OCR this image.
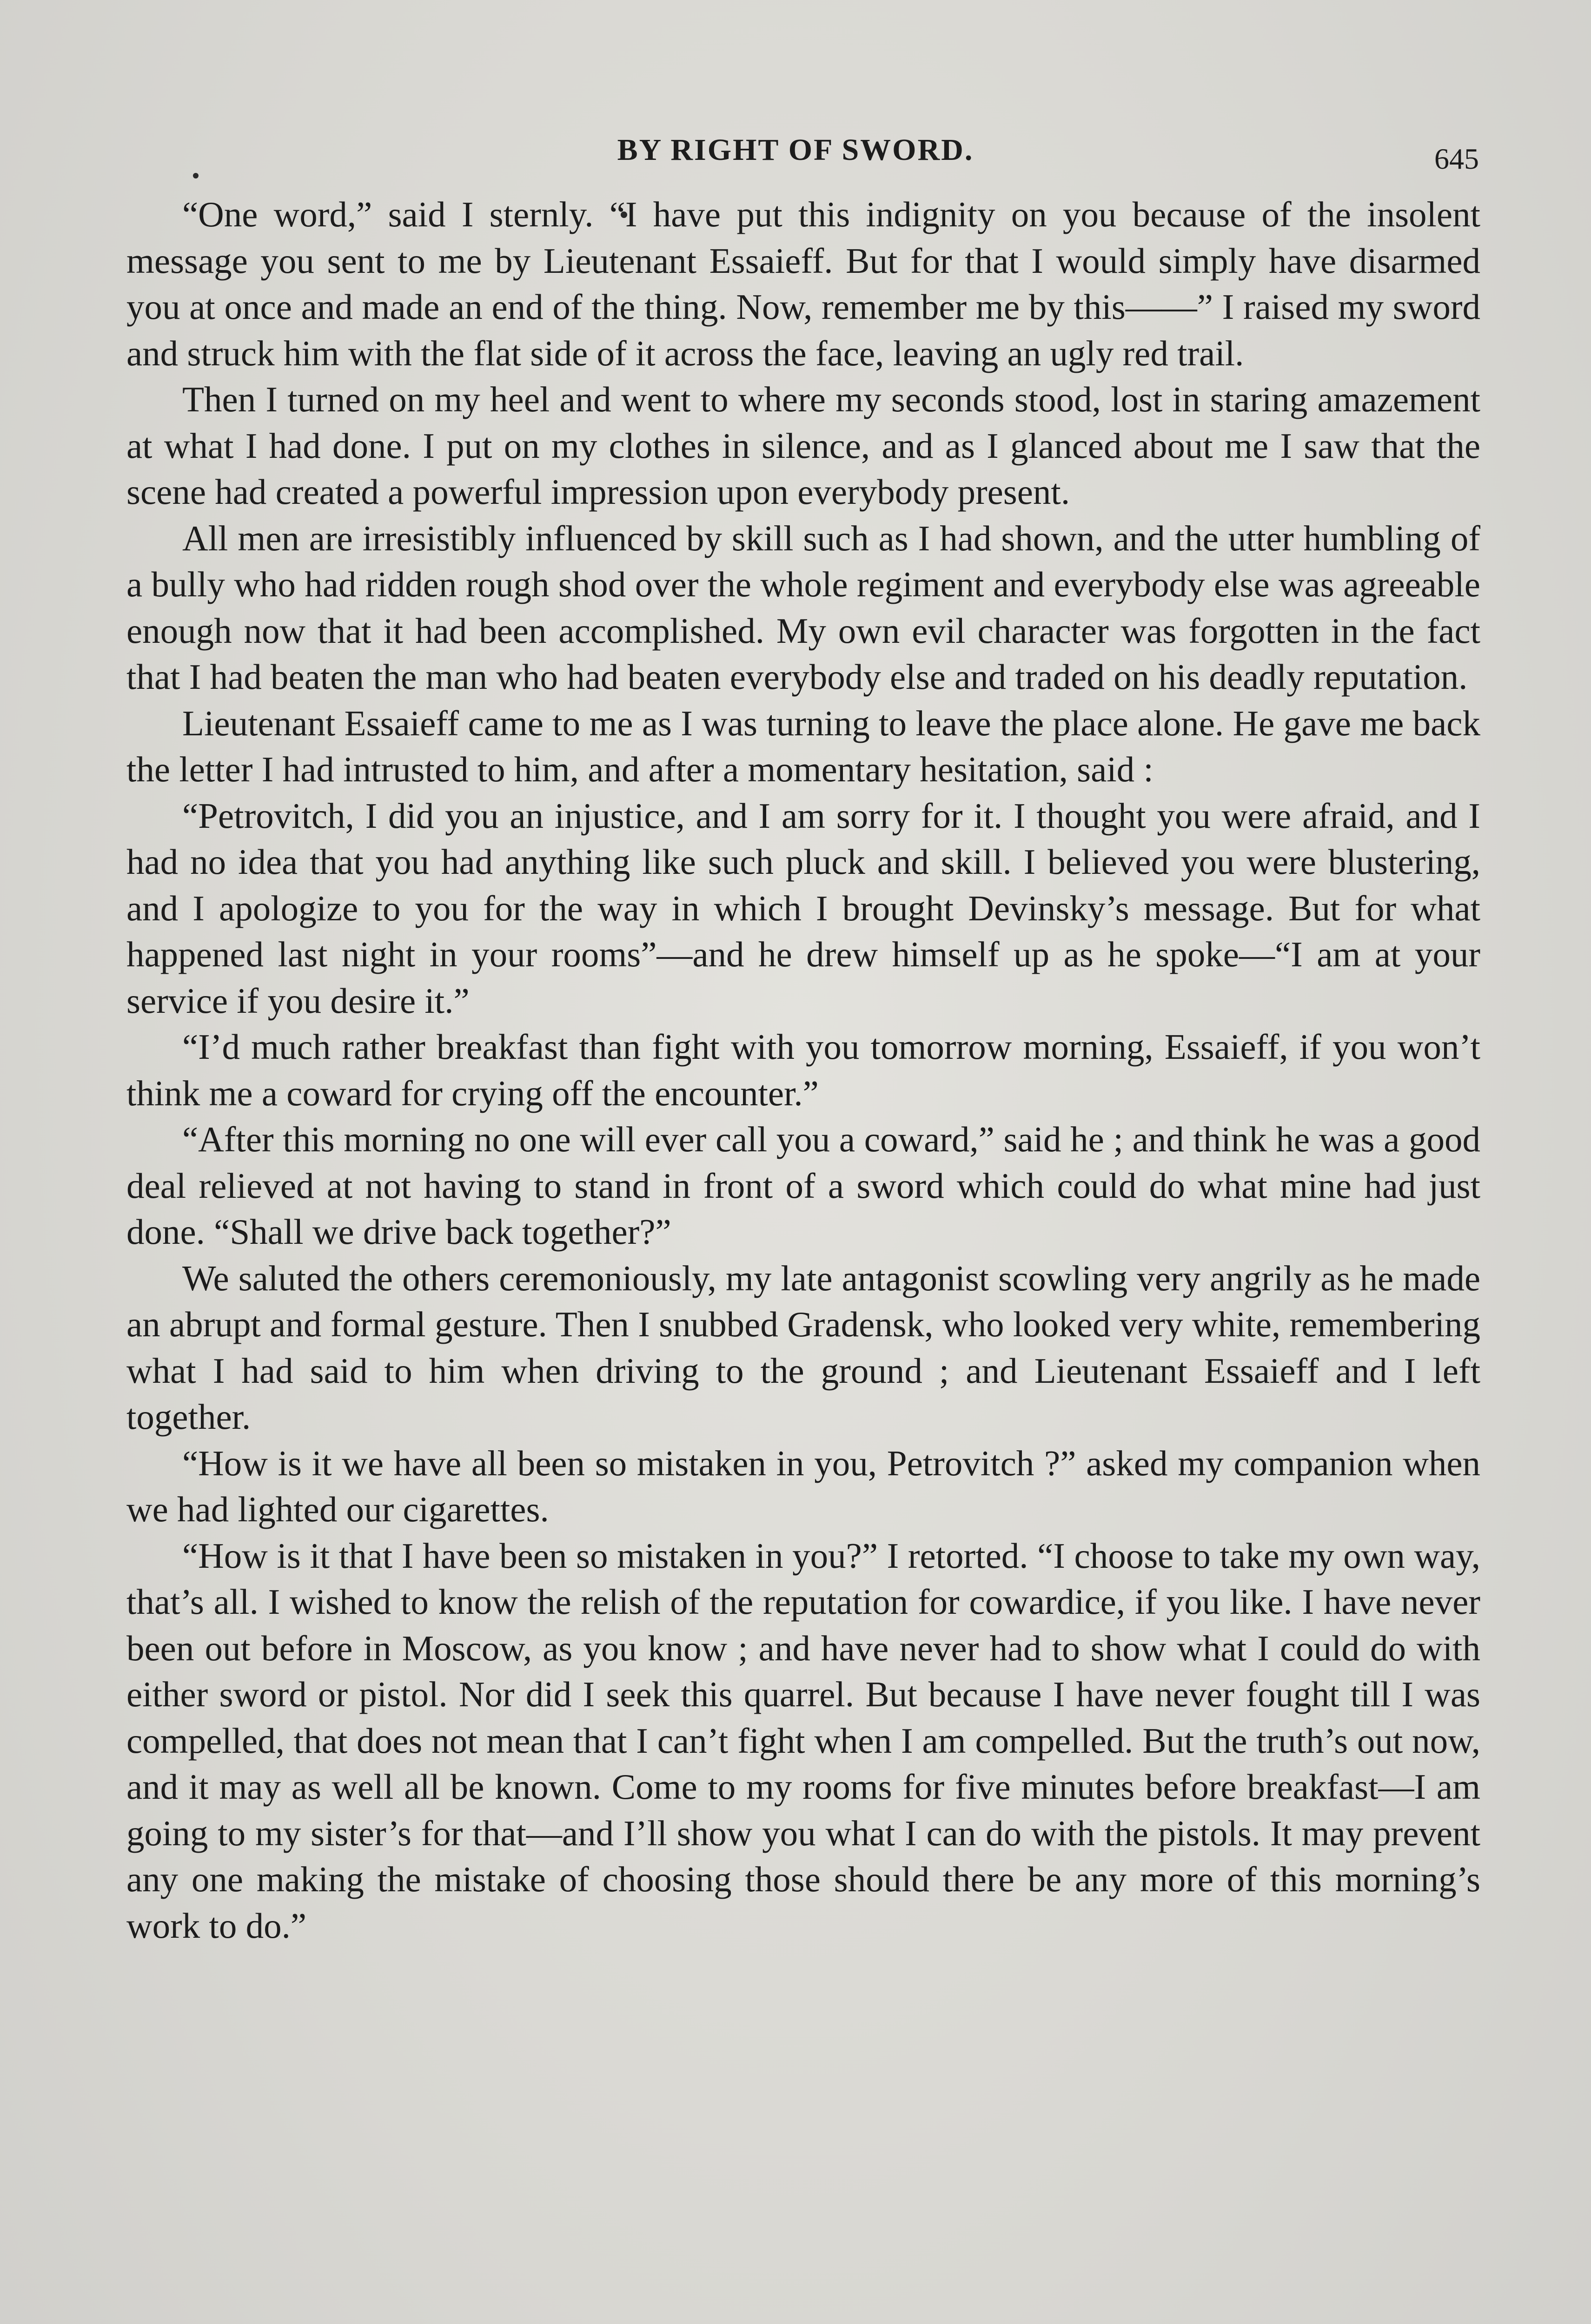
BY RIGHT OF SWORD.	645

“One word,” said I sternly. “I have put this indignity on you because of the insolent message you sent to me by Lieutenant Essaieff. But for that I would simply have disarmed you at once and made an end of the thing. Now, remember me by this——” I raised my sword and struck him with the flat side of it across the face, leaving an ugly red trail.

Then I turned on my heel and went to where my seconds stood, lost in staring amazement at what I had done. I put on my clothes in silence, and as I glanced about me I saw that the scene had created a powerful impression upon everybody present.

All men are irresistibly influenced by skill such as I had shown, and the utter humbling of a bully who had ridden rough shod over the whole regiment and everybody else was agreeable enough now that it had been accomplished. My own evil character was forgotten in the fact that I had beaten the man who had beaten everybody else and traded on his deadly reputation.

Lieutenant Essaieff came to me as I was turning to leave the place alone. He gave me back the letter I had intrusted to him, and after a momentary hesitation, said :

“Petrovitch, I did you an injustice, and I am sorry for it. I thought you were afraid, and I had no idea that you had anything like such pluck and skill. I believed you were blustering, and I apologize to you for the way in which I brought Devinsky’s message. But for what happened last night in your rooms”—and he drew himself up as he spoke—“I am at your service if you desire it.”

“I’d much rather breakfast than fight with you tomorrow morning, Essaieff, if you won’t think me a coward for crying off the encounter.”

“After this morning no one will ever call you a coward,” said he ; and think he was a good deal relieved at not having to stand in front of a sword which could do what mine had just done. “Shall we drive back together?”

We saluted the others ceremoniously, my late antagonist scowling very angrily as he made an abrupt and formal gesture. Then I snubbed Gradensk, who looked very white, remembering what I had said to him when driving to the ground ; and Lieutenant Essaieff and I left together.

“How is it we have all been so mistaken in you, Petrovitch ?” asked my companion when we had lighted our cigarettes.

“How is it that I have been so mistaken in you?” I retorted. “I choose to take my own way, that’s all. I wished to know the relish of the reputation for cowardice, if you like. I have never been out before in Moscow, as you know ; and have never had to show what I could do with either sword or pistol. Nor did I seek this quarrel. But because I have never fought till I was compelled, that does not mean that I can’t fight when I am compelled. But the truth’s out now, and it may as well all be known. Come to my rooms for five minutes before breakfast—I am going to my sister’s for that—and I’ll show you what I can do with the pistols. It may prevent any one making the mistake of choosing those should there be any more of this morning’s work to do.”
